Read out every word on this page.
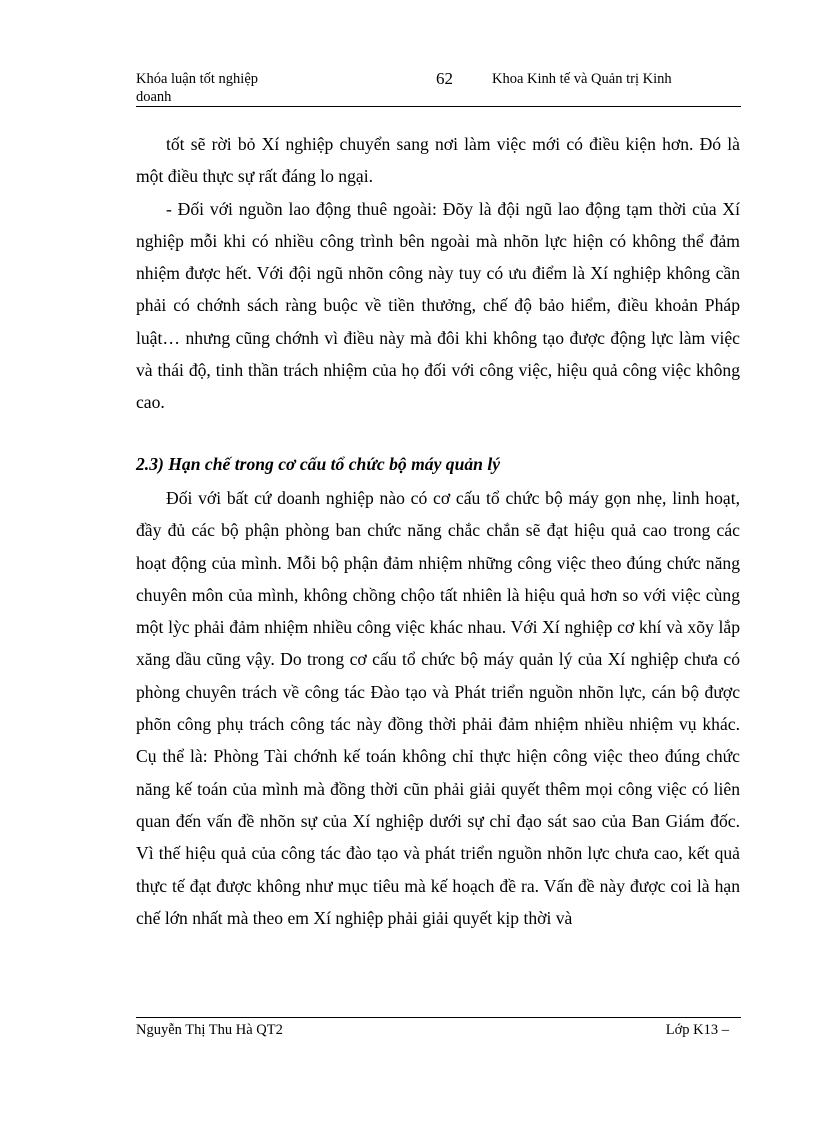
Khóa luận tốt nghiệp doanh
62	Khoa Kinh tế và Quản trị Kinh

tốt sẽ rời bỏ Xí nghiệp chuyển sang nơi làm việc mới có điều kiện hơn. Đó là một điều thực sự rất đáng lo ngại.

- Đối với nguồn lao động thuê ngoài: Đõy là đội ngũ lao động tạm thời của Xí nghiệp mỗi khi có nhiều công trình bên ngoài mà nhõn lực hiện có không thể đảm nhiệm được hết. Với đội ngũ nhõn công này tuy có ưu điểm là Xí nghiệp không cần phải có chớnh sách ràng buộc về tiền thưởng, chế độ bảo hiểm, điều khoản Pháp luật… nhưng cũng chớnh vì điều này mà đôi khi không tạo được động lực làm việc và thái độ, tinh thần trách nhiệm của họ đối với công việc, hiệu quả công việc không cao.

2.3) Hạn chế trong cơ cấu tổ chức bộ máy quản lý

Đối với bất cứ doanh nghiệp nào có cơ cấu tổ chức bộ máy gọn nhẹ, linh hoạt, đầy đủ các bộ phận phòng ban chức năng chắc chắn sẽ đạt hiệu quả cao trong các hoạt động của mình. Mỗi bộ phận đảm nhiệm những công việc theo đúng chức năng chuyên môn của mình, không chồng chộo tất nhiên là hiệu quả hơn so với việc cùng một lỳc phải đảm nhiệm nhiều công việc khác nhau. Với Xí nghiệp cơ khí và xõy lắp xăng dầu cũng vậy. Do trong cơ cấu tổ chức bộ máy quản lý của Xí nghiệp chưa có phòng chuyên trách về công tác Đào tạo và Phát triển nguồn nhõn lực, cán bộ được phõn công phụ trách công tác này đồng thời phải đảm nhiệm nhiều nhiệm vụ khác. Cụ thể là: Phòng Tài chớnh kế toán không chỉ thực hiện công việc theo đúng chức năng kế toán của mình mà đồng thời cũn phải giải quyết thêm mọi công việc có liên quan đến vấn đề nhõn sự của Xí nghiệp dưới sự chỉ đạo sát sao của Ban Giám đốc. Vì thế hiệu quả của công tác đào tạo và phát triển nguồn nhõn lực chưa cao, kết quả thực tế đạt được không như mục tiêu mà kế hoạch đề ra. Vấn đề này được coi là hạn chế lớn nhất mà theo em Xí nghiệp phải giải quyết kịp thời và

Nguyễn Thị Thu Hà QT2	Lớp K13 –
